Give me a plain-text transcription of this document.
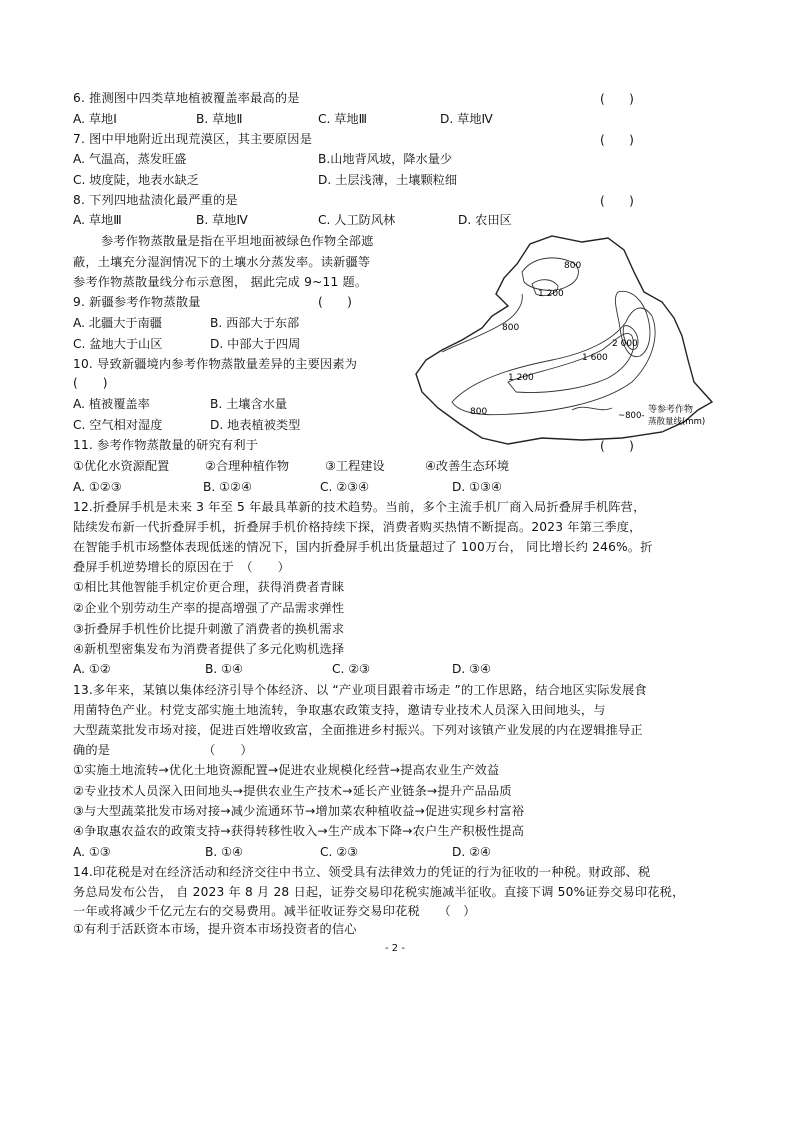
6. 推测图中四类草地植被覆盖率最高的是	(　　)
A. 草地Ⅰ	B. 草地Ⅱ	C. 草地Ⅲ	D. 草地Ⅳ
7. 图中甲地附近出现荒漠区，其主要原因是	(　　)
A. 气温高，蒸发旺盛	B.山地背风坡，降水量少
C. 坡度陡，地表水缺乏	D. 土层浅薄，土壤颗粒细
8. 下列四地盐渍化最严重的是	(　　)
A. 草地Ⅲ	B. 草地Ⅳ	C. 人工防风林	D. 农田区
参考作物蒸散量是指在平坦地面被绿色作物全部遮
蔽，土壤充分湿润情况下的土壤水分蒸发率。读新疆等
参考作物蒸散量线分布示意图， 据此完成 9~11 题。
9. 新疆参考作物蒸散量	(　　)
A. 北疆大于南疆	B. 西部大于东部
C. 盆地大于山区	D. 中部大于四周
10. 导致新疆境内参考作物蒸散量差异的主要因素为
(　　)
A. 植被覆盖率	B. 土壤含水量
C. 空气相对湿度	D. 地表植被类型
11. 参考作物蒸散量的研究有利于	(　　)
①优化水资源配置	②合理种植作物	③工程建设	④改善生态环境
A. ①②③	B. ①②④	C. ②③④	D. ①③④
12.折叠屏手机是未来 3 年至 5 年最具革新的技术趋势。当前，多个主流手机厂商入局折叠屏手机阵营，
陆续发布新一代折叠屏手机，折叠屏手机价格持续下探，消费者购买热情不断提高。2023 年第三季度，
在智能手机市场整体表现低迷的情况下，国内折叠屏手机出货量超过了 100万台， 同比增长约 246%。折
叠屏手机逆势增长的原因在于　（　　）
①相比其他智能手机定价更合理，获得消费者青睐
②企业个别劳动生产率的提高增强了产品需求弹性
③折叠屏手机性价比提升刺激了消费者的换机需求
④新机型密集发布为消费者提供了多元化购机选择
A. ①②	B. ①④	C. ②③	D. ③④
13.多年来，某镇以集体经济引导个体经济、以 “产业项目跟着市场走 ”的工作思路，结合地区实际发展食
用菌特色产业。村党支部实施土地流转，争取惠农政策支持，邀请专业技术人员深入田间地头，与
大型蔬菜批发市场对接，促进百姓增收致富，全面推进乡村振兴。下列对该镇产业发展的内在逻辑推导正
确的是　　　　　　　　（　　）
①实施土地流转→优化土地资源配置→促进农业规模化经营→提高农业生产效益
②专业技术人员深入田间地头→提供农业生产技术→延长产业链条→提升产品品质
③与大型蔬菜批发市场对接→减少流通环节→增加菜农种植收益→促进实现乡村富裕
④争取惠农益农的政策支持→获得转移性收入→生产成本下降→农户生产积极性提高
A. ①③	B. ①④	C. ②③	D. ②④
14.印花税是对在经济活动和经济交往中书立、领受具有法律效力的凭证的行为征收的一种税。财政部、税
务总局发布公告， 自 2023 年 8 月 28 日起，证券交易印花税实施减半征收。直接下调 50%证券交易印花税，
一年或将减少千亿元左右的交易费用。减半征收证券交易印花税　　（　）
①有利于活跃资本市场，提升资本市场投资者的信心
800
1 200
800
2 000
1 600
1 200
800	~800-
等参考作物
蒸散量线(mm)
- 2 -
